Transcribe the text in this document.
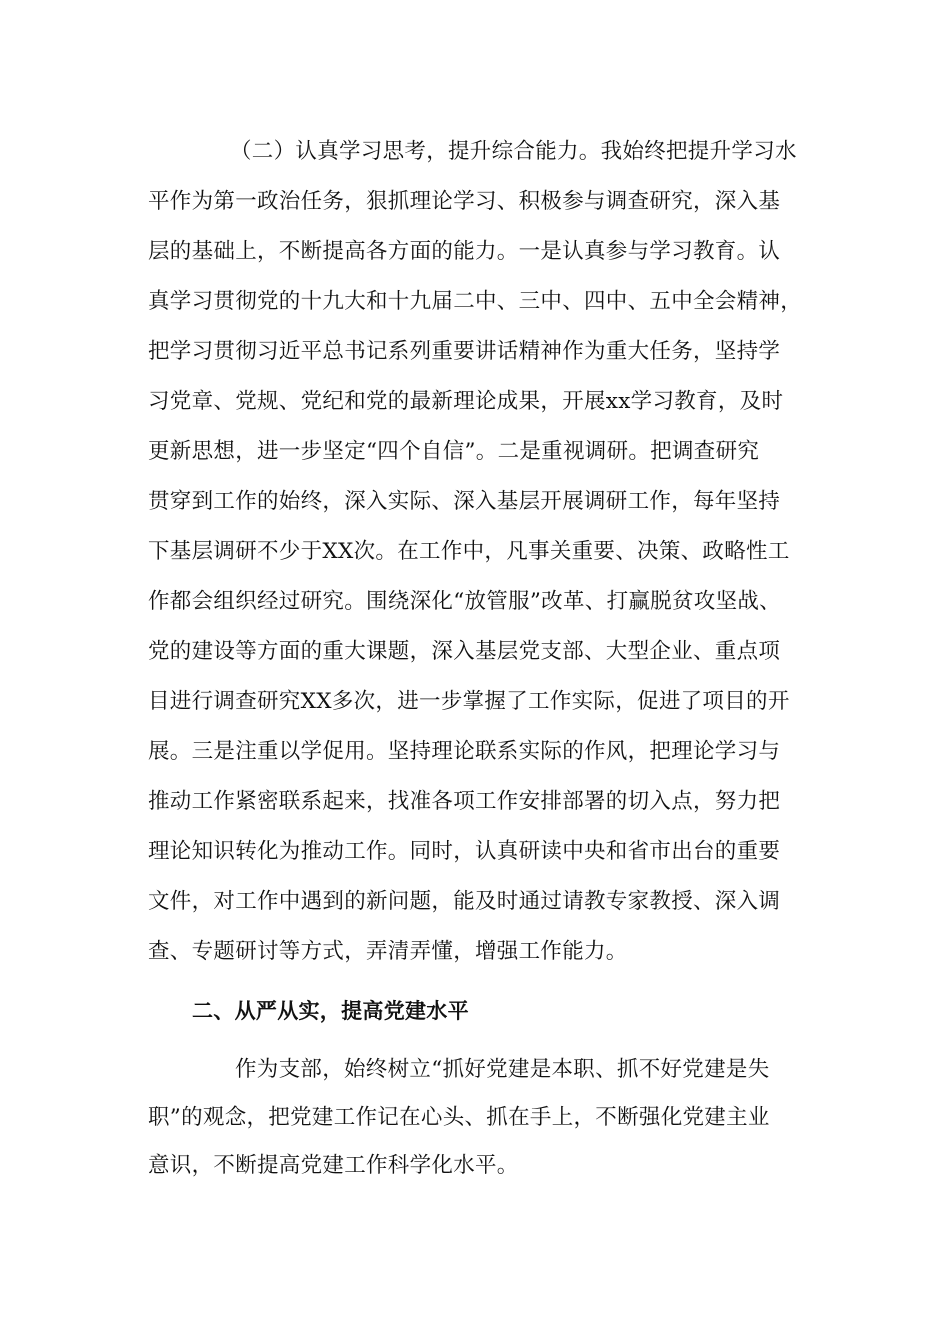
（二）认真学习思考，提升综合能力。我始终把提升学习水
平作为第一政治任务，狠抓理论学习、积极参与调查研究，深入基
层的基础上，不断提高各方面的能力。一是认真参与学习教育。认
真学习贯彻党的十九大和十九届二中、三中、四中、五中全会精神，
把学习贯彻习近平总书记系列重要讲话精神作为重大任务，坚持学
习党章、党规、党纪和党的最新理论成果，开展xx学习教育，及时
更新思想，进一步坚定“四个自信”。二是重视调研。把调查研究
贯穿到工作的始终，深入实际、深入基层开展调研工作，每年坚持
下基层调研不少于XX次。在工作中，凡事关重要、决策、政略性工
作都会组织经过研究。围绕深化“放管服”改革、打赢脱贫攻坚战、
党的建设等方面的重大课题，深入基层党支部、大型企业、重点项
目进行调查研究XX多次，进一步掌握了工作实际，促进了项目的开
展。三是注重以学促用。坚持理论联系实际的作风，把理论学习与
推动工作紧密联系起来，找准各项工作安排部署的切入点，努力把
理论知识转化为推动工作。同时，认真研读中央和省市出台的重要
文件，对工作中遇到的新问题，能及时通过请教专家教授、深入调
查、专题研讨等方式，弄清弄懂，增强工作能力。
二、从严从实，提高党建水平
作为支部，始终树立“抓好党建是本职、抓不好党建是失
职”的观念，把党建工作记在心头、抓在手上，不断强化党建主业
意识，不断提高党建工作科学化水平。
